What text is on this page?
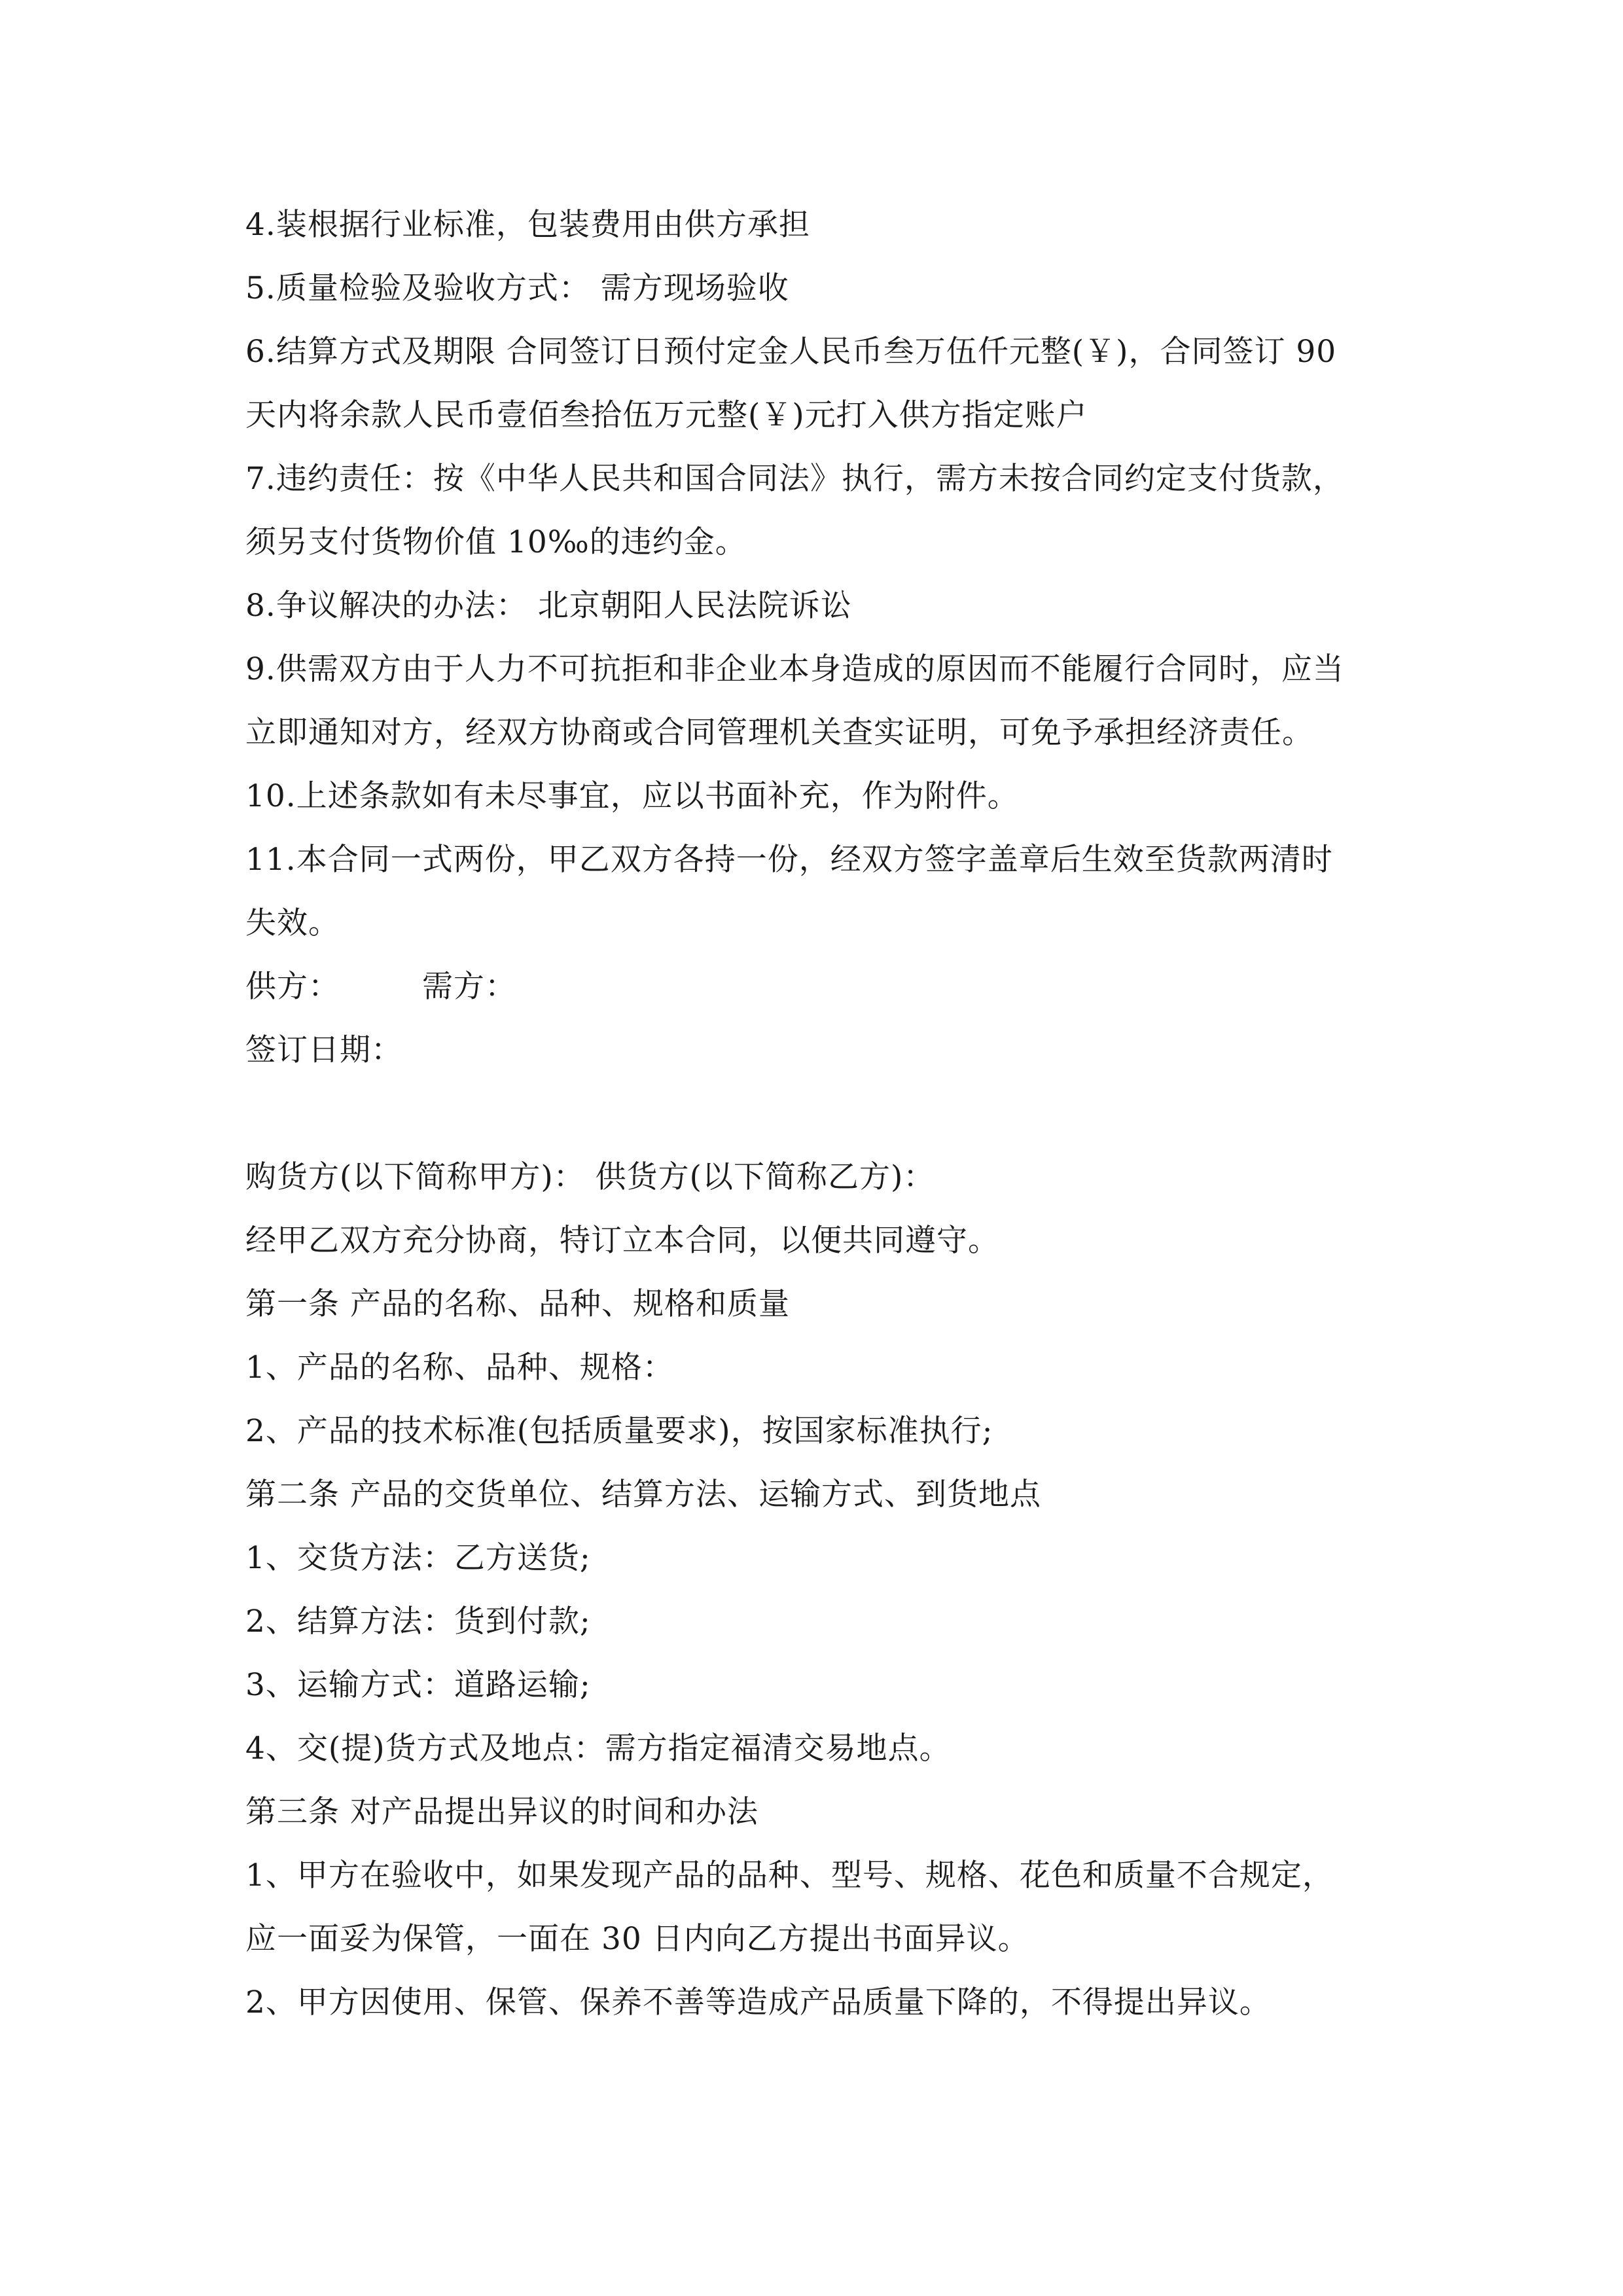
4.装根据行业标准，包装费用由供方承担
5.质量检验及验收方式： 需方现场验收
6.结算方式及期限 合同签订日预付定金人民币叁万伍仟元整(￥)，合同签订 90
天内将余款人民币壹佰叁拾伍万元整(￥)元打入供方指定账户
7.违约责任：按《中华人民共和国合同法》执行，需方未按合同约定支付货款，
须另支付货物价值 10‰的违约金。
8.争议解决的办法： 北京朝阳人民法院诉讼
9.供需双方由于人力不可抗拒和非企业本身造成的原因而不能履行合同时，应当
立即通知对方，经双方协商或合同管理机关查实证明，可免予承担经济责任。
10.上述条款如有未尽事宜，应以书面补充，作为附件。
11.本合同一式两份，甲乙双方各持一份，经双方签字盖章后生效至货款两清时
失效。
供方：	需方：
签订日期：
购货方(以下简称甲方)： 供货方(以下简称乙方)：
经甲乙双方充分协商，特订立本合同，以便共同遵守。
第一条 产品的名称、品种、规格和质量
1、产品的名称、品种、规格：
2、产品的技术标准(包括质量要求)，按国家标准执行;
第二条 产品的交货单位、结算方法、运输方式、到货地点
1、交货方法：乙方送货;
2、结算方法：货到付款;
3、运输方式：道路运输;
4、交(提)货方式及地点：需方指定福清交易地点。
第三条 对产品提出异议的时间和办法
1、甲方在验收中，如果发现产品的品种、型号、规格、花色和质量不合规定，
应一面妥为保管，一面在 30 日内向乙方提出书面异议。
2、甲方因使用、保管、保养不善等造成产品质量下降的，不得提出异议。
